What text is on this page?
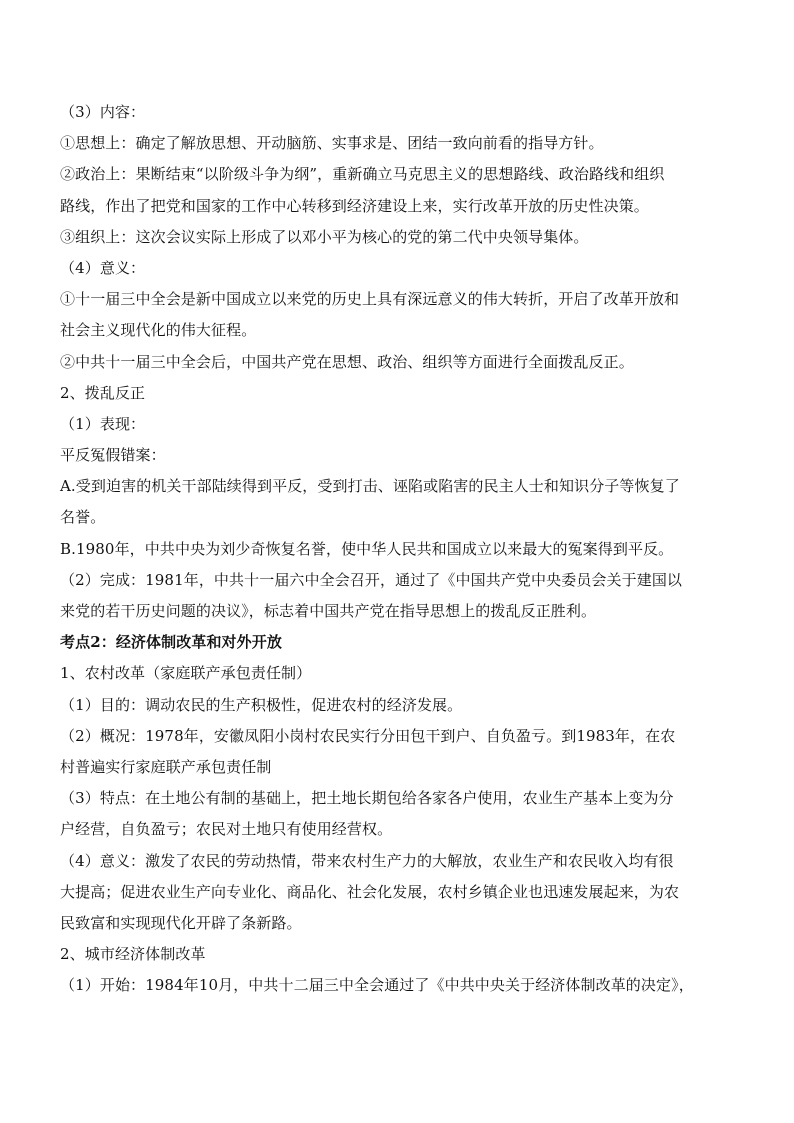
（3）内容：
①思想上：确定了解放思想、开动脑筋、实事求是、团结一致向前看的指导方针。
②政治上：果断结束“以阶级斗争为纲”，重新确立马克思主义的思想路线、政治路线和组织
路线，作出了把党和国家的工作中心转移到经济建设上来，实行改革开放的历史性决策。
③组织上：这次会议实际上形成了以邓小平为核心的党的第二代中央领导集体。
（4）意义：
①十一届三中全会是新中国成立以来党的历史上具有深远意义的伟大转折，开启了改革开放和
社会主义现代化的伟大征程。
②中共十一届三中全会后，中国共产党在思想、政治、组织等方面进行全面拨乱反正。
2、拨乱反正
（1）表现：
平反冤假错案：
A.受到迫害的机关干部陆续得到平反，受到打击、诬陷或陷害的民主人士和知识分子等恢复了
名誉。
B.1980年，中共中央为刘少奇恢复名誉，使中华人民共和国成立以来最大的冤案得到平反。
（2）完成：1981年，中共十一届六中全会召开，通过了《中国共产党中央委员会关于建国以
来党的若干历史问题的决议》，标志着中国共产党在指导思想上的拨乱反正胜利。
考点2：经济体制改革和对外开放
1、农村改革（家庭联产承包责任制）
（1）目的：调动农民的生产积极性，促进农村的经济发展。
（2）概况：1978年，安徽凤阳小岗村农民实行分田包干到户、自负盈亏。到1983年，在农
村普遍实行家庭联产承包责任制
（3）特点：在土地公有制的基础上，把土地长期包给各家各户使用，农业生产基本上变为分
户经营，自负盈亏；农民对土地只有使用经营权。
（4）意义：激发了农民的劳动热情，带来农村生产力的大解放，农业生产和农民收入均有很
大提高；促进农业生产向专业化、商品化、社会化发展，农村乡镇企业也迅速发展起来，为农
民致富和实现现代化开辟了条新路。
2、城市经济体制改革
（1）开始：1984年10月，中共十二届三中全会通过了《中共中央关于经济体制改革的决定》，
